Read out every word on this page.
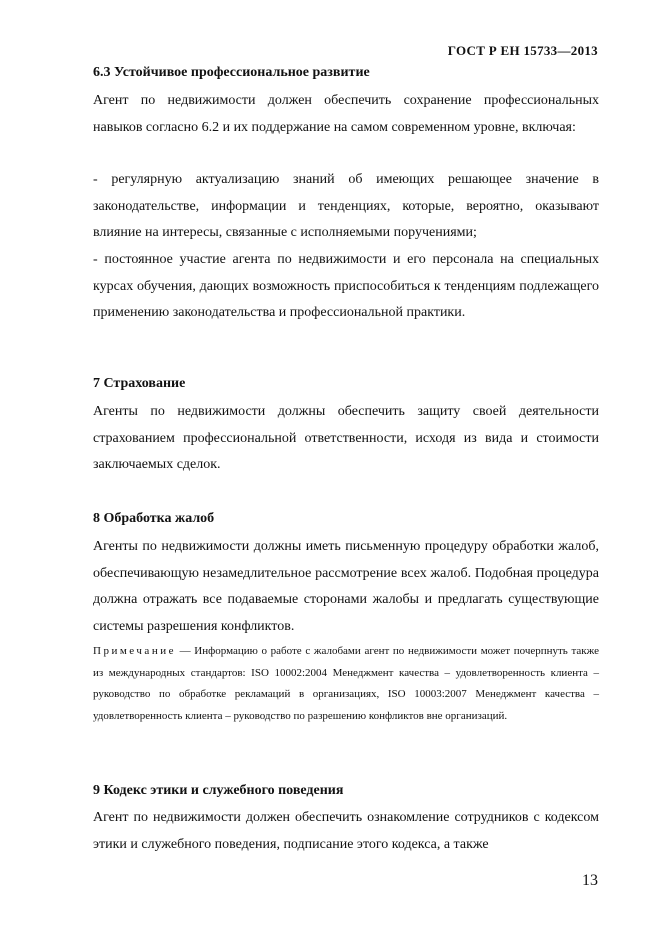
ГОСТ Р ЕН 15733—2013

6.3 Устойчивое профессиональное развитие

Агент по недвижимости должен обеспечить сохранение профессиональных навыков согласно 6.2 и их поддержание на самом современном уровне, включая:

- регулярную актуализацию знаний об имеющих решающее значение в законодательстве, информации и тенденциях, которые, вероятно, оказывают влияние на интересы, связанные с исполняемыми поручениями;

- постоянное участие агента по недвижимости и его персонала на специальных курсах обучения, дающих возможность приспособиться к тенденциям подлежащего применению законодательства и профессиональной практики.

7 Страхование

Агенты по недвижимости должны обеспечить защиту своей деятельности страхованием профессиональной ответственности, исходя из вида и стоимости заключаемых сделок.

8 Обработка жалоб

Агенты по недвижимости должны иметь письменную процедуру обработки жалоб, обеспечивающую незамедлительное рассмотрение всех жалоб. Подобная процедура должна отражать все подаваемые сторонами жалобы и предлагать существующие системы разрешения конфликтов.

Примечание — Информацию о работе с жалобами агент по недвижимости может почерпнуть также из международных стандартов: ISO 10002:2004 Менеджмент качества – удовлетворенность клиента – руководство по обработке рекламаций в организациях, ISO 10003:2007 Менеджмент качества – удовлетворенность клиента – руководство по разрешению конфликтов вне организаций.

9 Кодекс этики и служебного поведения

Агент по недвижимости должен обеспечить ознакомление сотрудников с кодексом этики и служебного поведения, подписание этого кодекса, а также

13
